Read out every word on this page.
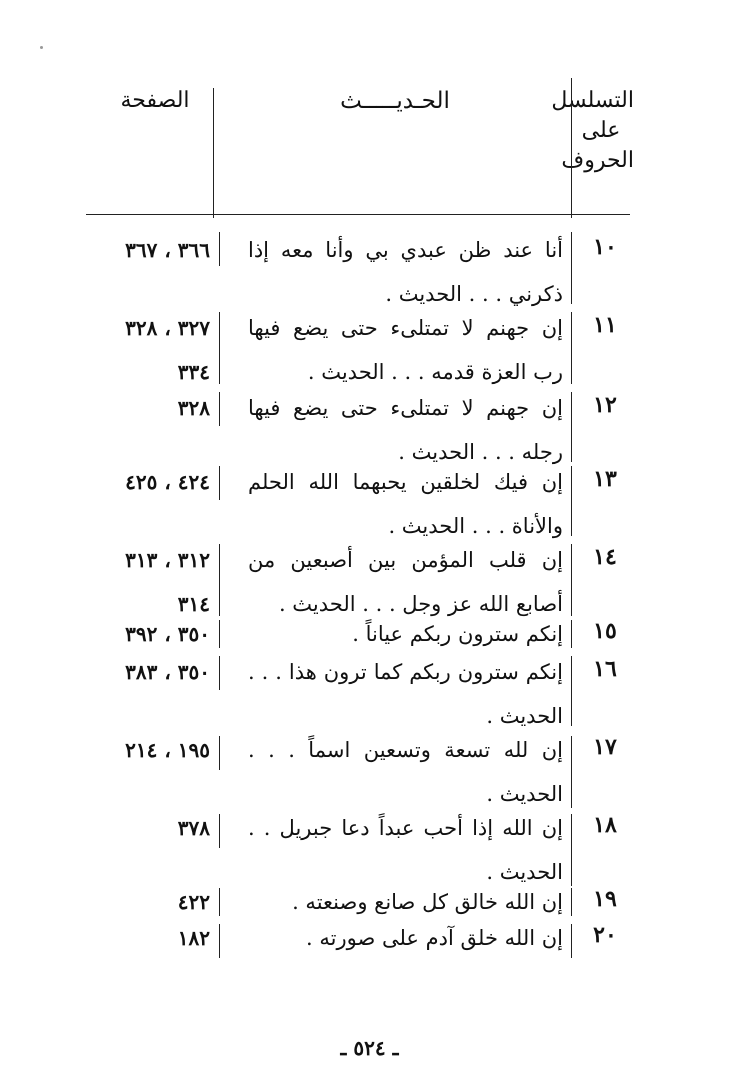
التسلسل على الحروف
الحـديـــــث
الصفحة
١٠
أنا عند ظن عبدي بي وأنا معه إذا ذكرني . . . الحديث .
٣٦٦ ، ٣٦٧
١١
إن جهنم لا تمتلىء حتى يضع فيها رب العزة قدمه . . . الحديث .
٣٢٧ ، ٣٢٨ ٣٣٤
١٢
إن جهنم لا تمتلىء حتى يضع فيها رجله . . . الحديث .
٣٢٨
١٣
إن فيك لخلقين يحبهما الله الحلم والأناة . . . الحديث .
٤٢٤ ، ٤٢٥
١٤
إن قلب المؤمن بين أصبعين من أصابع الله عز وجل . . . الحديث .
٣١٢ ، ٣١٣ ٣١٤
١٥
إنكم سترون ربكم عياناً .
٣٥٠ ، ٣٩٢
١٦
إنكم سترون ربكم كما ترون هذا . . . الحديث .
٣٥٠ ، ٣٨٣
١٧
إن لله تسعة وتسعين اسماً . . . الحديث .
١٩٥ ، ٢١٤
١٨
إن الله إذا أحب عبداً دعا جبريل . . الحديث .
٣٧٨
١٩
إن الله خالق كل صانع وصنعته .
٤٢٢
٢٠
إن الله خلق آدم على صورته .
١٨٢
ـ ٥٢٤ ـ
